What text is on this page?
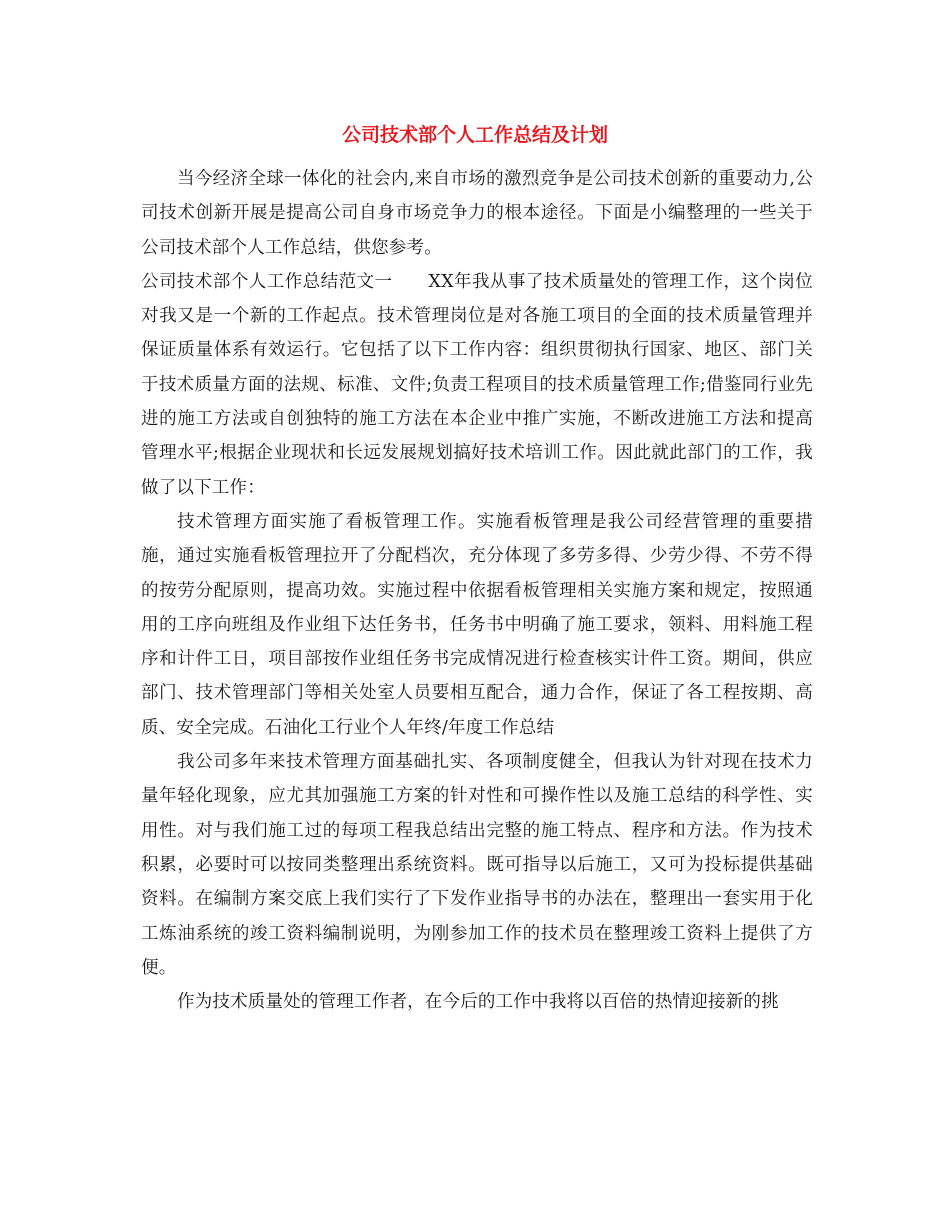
公司技术部个人工作总结及计划

当今经济全球一体化的社会内,来自市场的激烈竞争是公司技术创新的重要动力,公司技术创新开展是提高公司自身市场竞争力的根本途径。下面是小编整理的一些关于公司技术部个人工作总结，供您参考。

公司技术部个人工作总结范文一　　XX年我从事了技术质量处的管理工作，这个岗位对我又是一个新的工作起点。技术管理岗位是对各施工项目的全面的技术质量管理并保证质量体系有效运行。它包括了以下工作内容：组织贯彻执行国家、地区、部门关于技术质量方面的法规、标准、文件;负责工程项目的技术质量管理工作;借鉴同行业先进的施工方法或自创独特的施工方法在本企业中推广实施，不断改进施工方法和提高管理水平;根据企业现状和长远发展规划搞好技术培训工作。因此就此部门的工作，我做了以下工作：

技术管理方面实施了看板管理工作。实施看板管理是我公司经营管理的重要措施，通过实施看板管理拉开了分配档次，充分体现了多劳多得、少劳少得、不劳不得的按劳分配原则，提高功效。实施过程中依据看板管理相关实施方案和规定，按照通用的工序向班组及作业组下达任务书，任务书中明确了施工要求，领料、用料施工程序和计件工日，项目部按作业组任务书完成情况进行检查核实计件工资。期间，供应部门、技术管理部门等相关处室人员要相互配合，通力合作，保证了各工程按期、高质、安全完成。石油化工行业个人年终/年度工作总结

我公司多年来技术管理方面基础扎实、各项制度健全，但我认为针对现在技术力量年轻化现象，应尤其加强施工方案的针对性和可操作性以及施工总结的科学性、实用性。对与我们施工过的每项工程我总结出完整的施工特点、程序和方法。作为技术积累，必要时可以按同类整理出系统资料。既可指导以后施工，又可为投标提供基础资料。在编制方案交底上我们实行了下发作业指导书的办法在，整理出一套实用于化工炼油系统的竣工资料编制说明，为刚参加工作的技术员在整理竣工资料上提供了方便。

作为技术质量处的管理工作者，在今后的工作中我将以百倍的热情迎接新的挑
